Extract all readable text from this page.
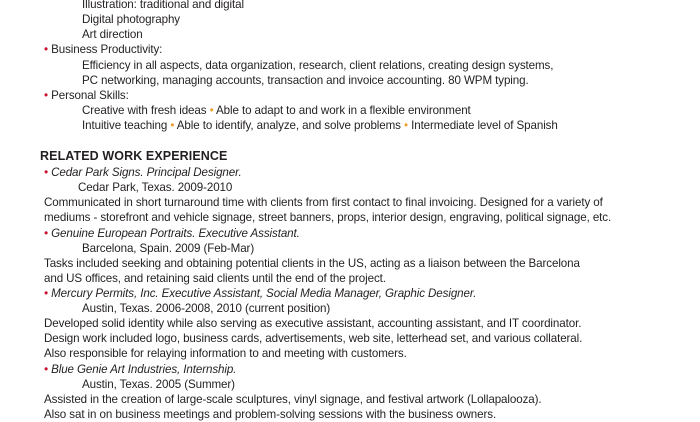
Illustration: traditional and digital
Digital photography
Art direction
• Business Productivity:
Efficiency in all aspects, data organization, research, client relations, creating design systems,
PC networking, managing accounts, transaction and invoice accounting. 80 WPM typing.
• Personal Skills:
Creative with fresh ideas • Able to adapt to and work in a flexible environment
Intuitive teaching • Able to identify, analyze, and solve problems • Intermediate level of Spanish
RELATED WORK EXPERIENCE
• Cedar Park Signs. Principal Designer.
Cedar Park, Texas. 2009-2010
Communicated in short turnaround time with clients from first contact to final invoicing. Designed for a variety of
mediums - storefront and vehicle signage, street banners, props, interior design, engraving, political signage, etc.
• Genuine European Portraits. Executive Assistant.
Barcelona, Spain. 2009 (Feb-Mar)
Tasks included seeking and obtaining potential clients in the US, acting as a liaison between the Barcelona
and US offices, and retaining said clients until the end of the project.
• Mercury Permits, Inc. Executive Assistant, Social Media Manager, Graphic Designer.
Austin, Texas. 2006-2008, 2010 (current position)
Developed solid identity while also serving as executive assistant, accounting assistant, and IT coordinator.
Design work included logo, business cards, advertisements, web site, letterhead set, and various collateral.
Also responsible for relaying information to and meeting with customers.
• Blue Genie Art Industries, Internship.
Austin, Texas. 2005 (Summer)
Assisted in the creation of large-scale sculptures, vinyl signage, and festival artwork (Lollapalooza).
Also sat in on business meetings and problem-solving sessions with the business owners.
